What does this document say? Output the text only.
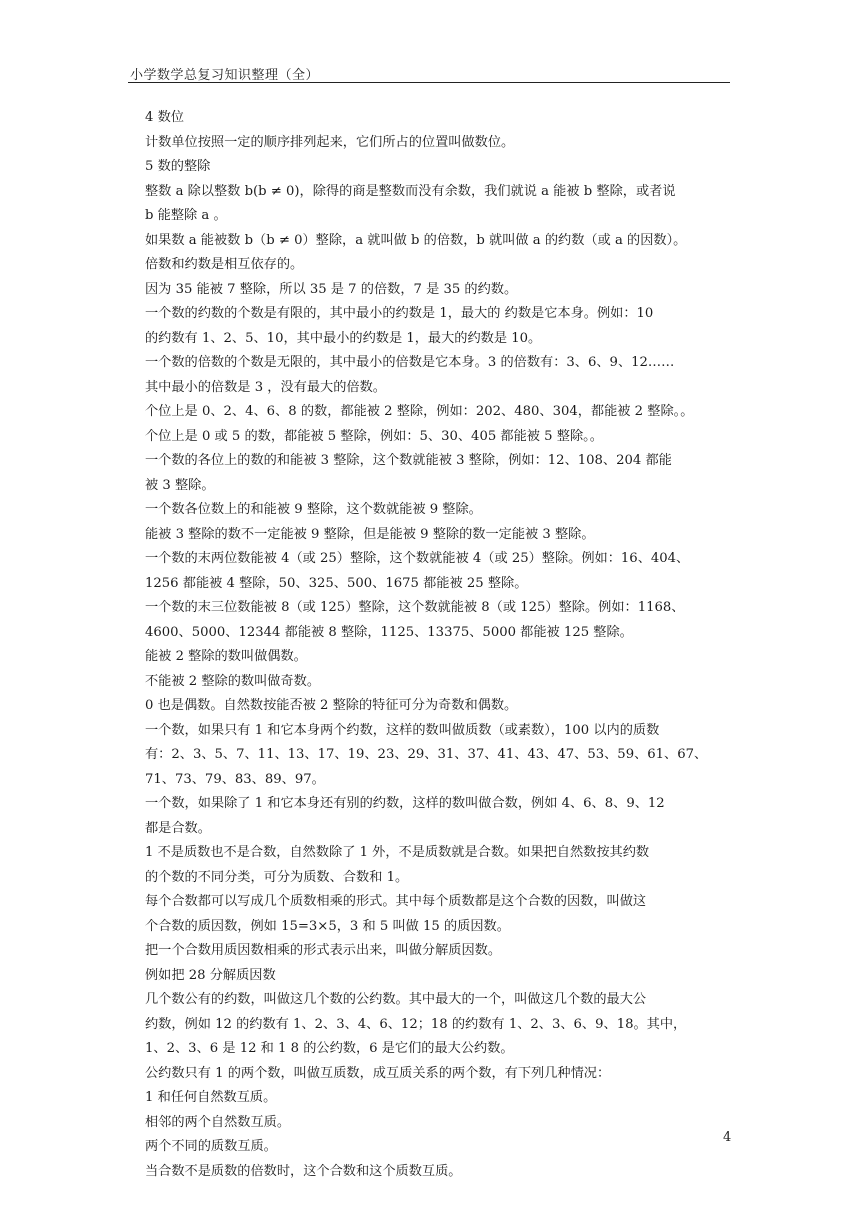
小学数学总复习知识整理（全）
4 数位
计数单位按照一定的顺序排列起来，它们所占的位置叫做数位。
5 数的整除
整数 a 除以整数 b(b ≠ 0)，除得的商是整数而没有余数，我们就说 a 能被 b 整除，或者说
b 能整除 a 。
如果数 a 能被数 b（b ≠ 0）整除，a 就叫做 b 的倍数，b 就叫做 a 的约数（或 a 的因数）。
倍数和约数是相互依存的。
因为 35 能被 7 整除，所以 35 是 7 的倍数，7 是 35 的约数。
一个数的约数的个数是有限的，其中最小的约数是 1，最大的 约数是它本身。例如：10
的约数有 1、2、5、10，其中最小的约数是 1，最大的约数是 10。
一个数的倍数的个数是无限的，其中最小的倍数是它本身。3 的倍数有：3、6、9、12……
其中最小的倍数是 3 ，没有最大的倍数。
个位上是 0、2、4、6、8 的数，都能被 2 整除，例如：202、480、304，都能被 2 整除。。
个位上是 0 或 5 的数，都能被 5 整除，例如：5、30、405 都能被 5 整除。。
一个数的各位上的数的和能被 3 整除，这个数就能被 3 整除，例如：12、108、204 都能
被 3 整除。
一个数各位数上的和能被 9 整除，这个数就能被 9 整除。
能被 3 整除的数不一定能被 9 整除，但是能被 9 整除的数一定能被 3 整除。
一个数的末两位数能被 4（或 25）整除，这个数就能被 4（或 25）整除。例如：16、404、
1256 都能被 4 整除，50、325、500、1675 都能被 25 整除。
一个数的末三位数能被 8（或 125）整除，这个数就能被 8（或 125）整除。例如：1168、
4600、5000、12344 都能被 8 整除，1125、13375、5000 都能被 125 整除。
能被 2 整除的数叫做偶数。
不能被 2 整除的数叫做奇数。
0 也是偶数。自然数按能否被 2 整除的特征可分为奇数和偶数。
一个数，如果只有 1 和它本身两个约数，这样的数叫做质数（或素数），100 以内的质数
有：2、3、5、7、11、13、17、19、23、29、31、37、41、43、47、53、59、61、67、
71、73、79、83、89、97。
一个数，如果除了 1 和它本身还有别的约数，这样的数叫做合数，例如 4、6、8、9、12
都是合数。
1 不是质数也不是合数，自然数除了 1 外，不是质数就是合数。如果把自然数按其约数
的个数的不同分类，可分为质数、合数和 1。
每个合数都可以写成几个质数相乘的形式。其中每个质数都是这个合数的因数，叫做这
个合数的质因数，例如 15=3×5，3 和 5 叫做 15 的质因数。
把一个合数用质因数相乘的形式表示出来，叫做分解质因数。
例如把 28 分解质因数
几个数公有的约数，叫做这几个数的公约数。其中最大的一个，叫做这几个数的最大公
约数，例如 12 的约数有 1、2、3、4、6、12；18 的约数有 1、2、3、6、9、18。其中，
1、2、3、6 是 12 和 1 8 的公约数，6 是它们的最大公约数。
公约数只有 1 的两个数，叫做互质数，成互质关系的两个数，有下列几种情况：
1 和任何自然数互质。
相邻的两个自然数互质。
两个不同的质数互质。
当合数不是质数的倍数时，这个合数和这个质数互质。
4
